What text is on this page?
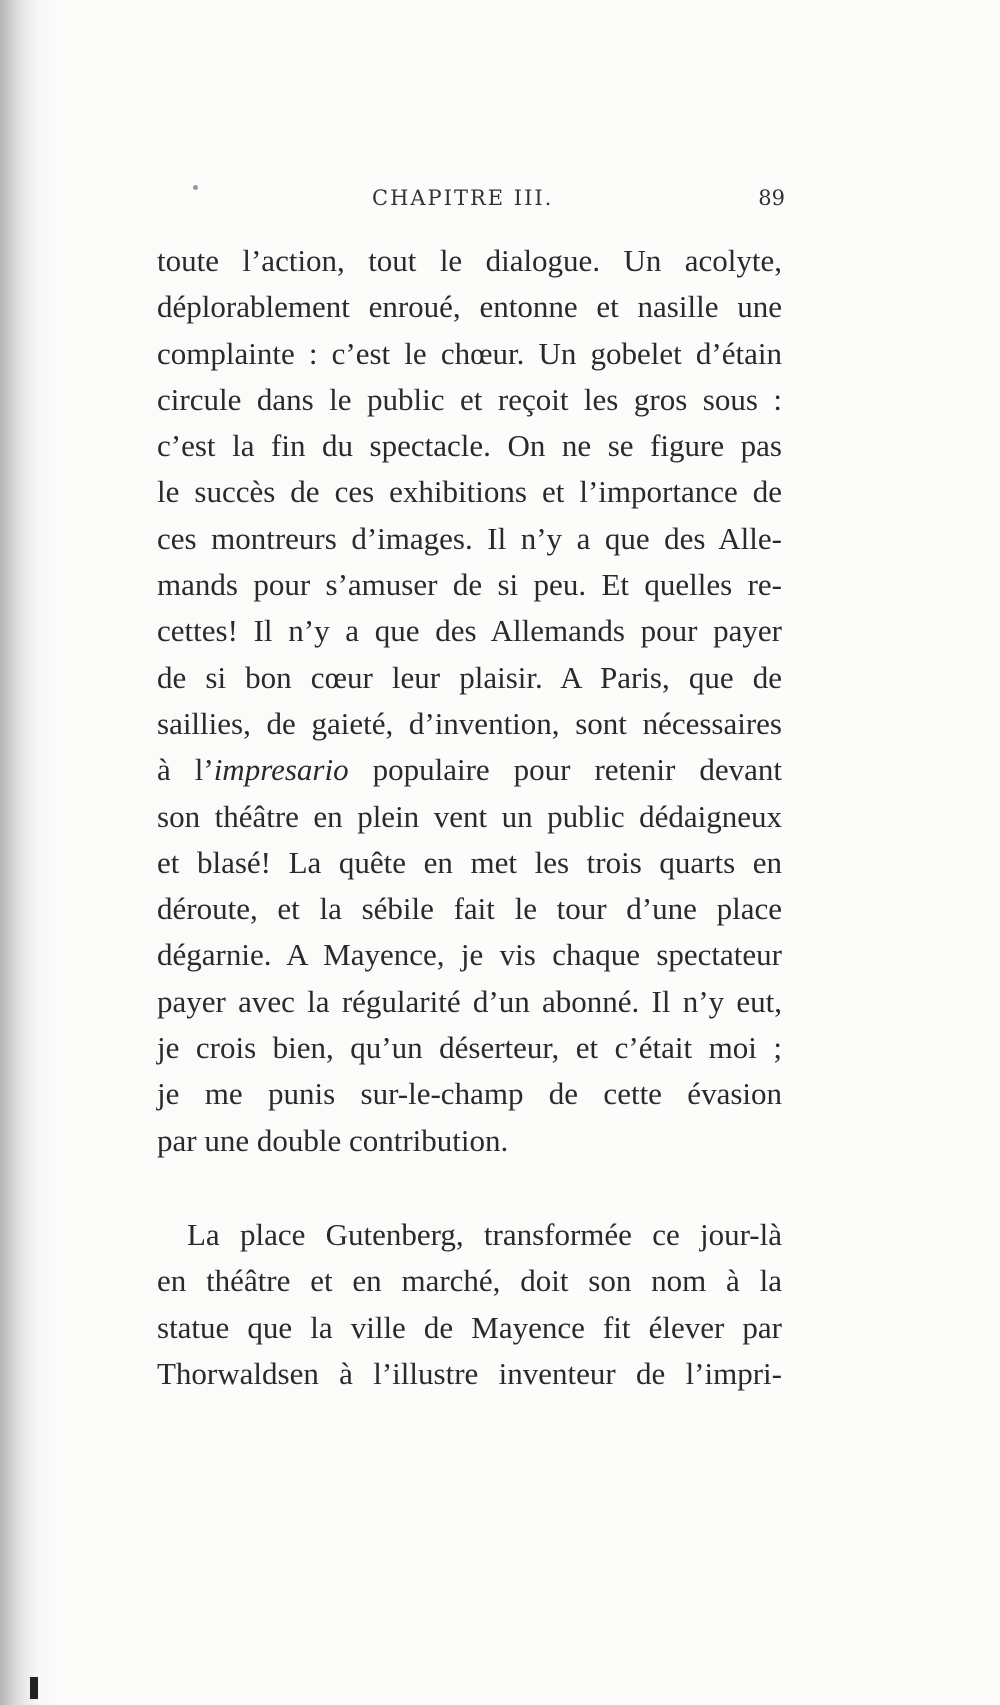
CHAPITRE III.	89
toute l’action, tout le dialogue. Un acolyte,
déplorablement enroué, entonne et nasille une
complainte : c’est le chœur. Un gobelet d’étain
circule dans le public et reçoit les gros sous :
c’est la fin du spectacle. On ne se figure pas
le succès de ces exhibitions et l’importance de
ces montreurs d’images. Il n’y a que des Alle-
mands pour s’amuser de si peu. Et quelles re-
cettes! Il n’y a que des Allemands pour payer
de si bon cœur leur plaisir. A Paris, que de
saillies, de gaieté, d’invention, sont nécessaires
à l’impresario populaire pour retenir devant
son théâtre en plein vent un public dédaigneux
et blasé! La quête en met les trois quarts en
déroute, et la sébile fait le tour d’une place
dégarnie. A Mayence, je vis chaque spectateur
payer avec la régularité d’un abonné. Il n’y eut,
je crois bien, qu’un déserteur, et c’était moi ;
je me punis sur-le-champ de cette évasion
par une double contribution.
La place Gutenberg, transformée ce jour-là
en théâtre et en marché, doit son nom à la
statue que la ville de Mayence fit élever par
Thorwaldsen à l’illustre inventeur de l’impri-
